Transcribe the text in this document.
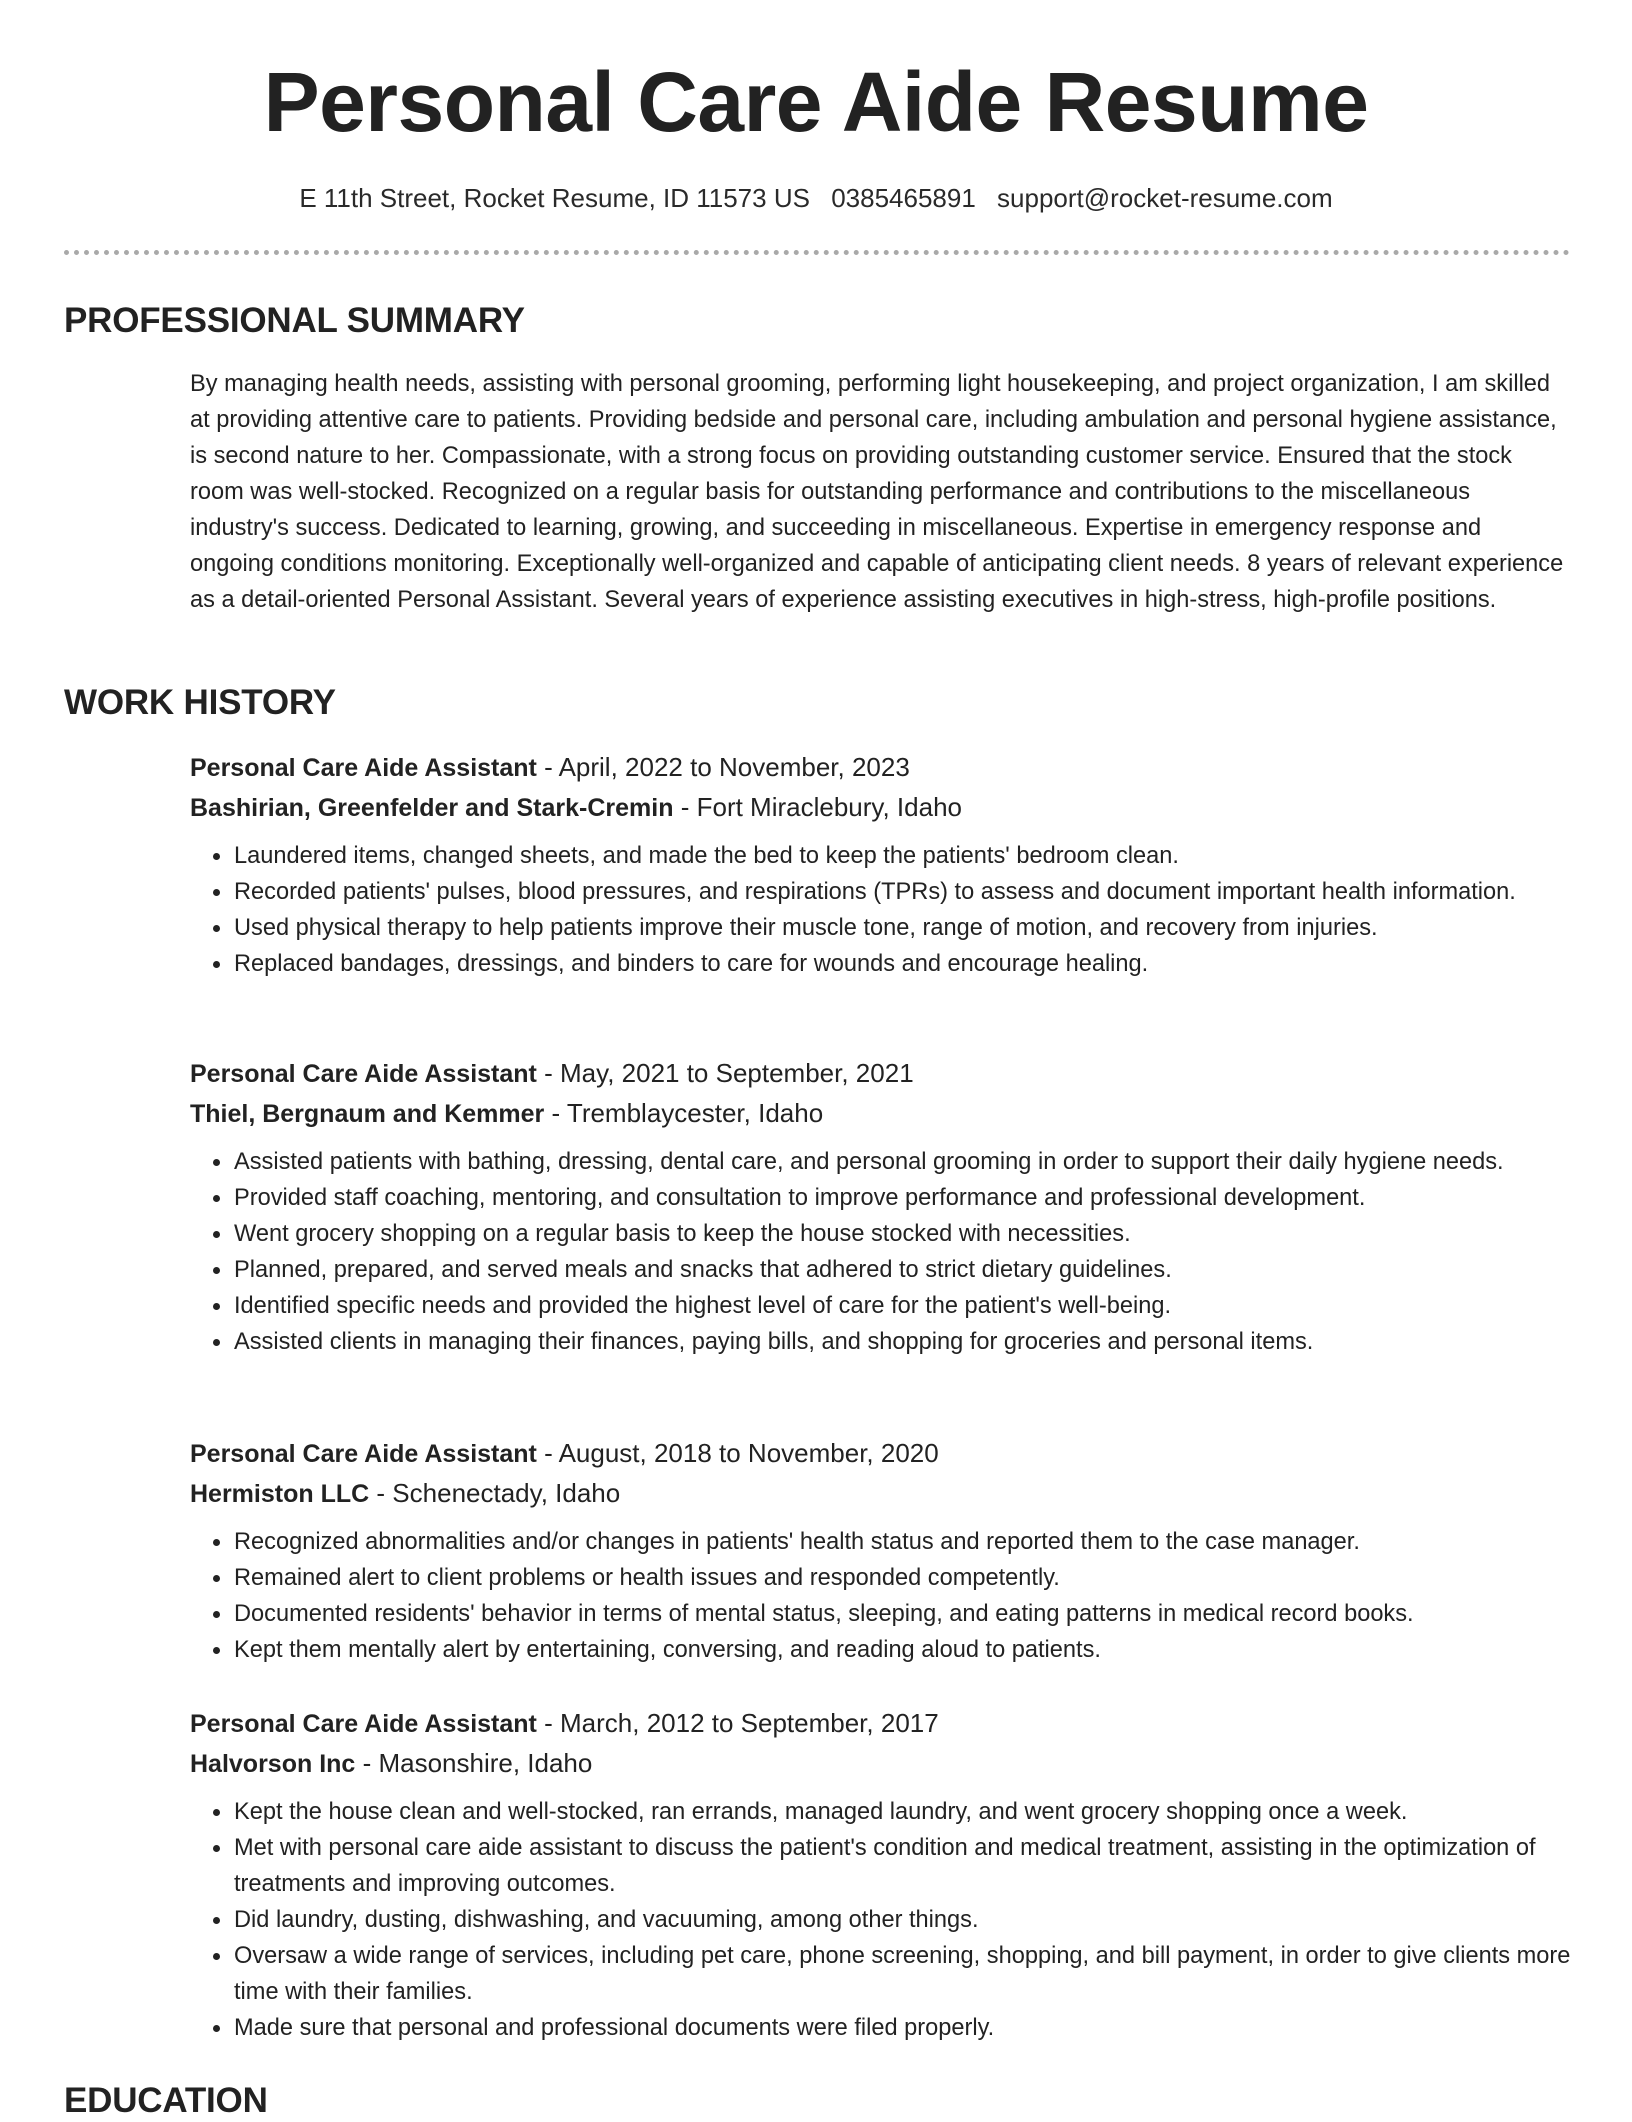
Personal Care Aide Resume
E 11th Street, Rocket Resume, ID 11573 US 0385465891 support@rocket-resume.com
PROFESSIONAL SUMMARY

By managing health needs, assisting with personal grooming, performing light housekeeping, and project organization, I am skilled at providing attentive care to patients. Providing bedside and personal care, including ambulation and personal hygiene assistance, is second nature to her. Compassionate, with a strong focus on providing outstanding customer service. Ensured that the stock room was well-stocked. Recognized on a regular basis for outstanding performance and contributions to the miscellaneous industry's success. Dedicated to learning, growing, and succeeding in miscellaneous. Expertise in emergency response and ongoing conditions monitoring. Exceptionally well-organized and capable of anticipating client needs. 8 years of relevant experience as a detail-oriented Personal Assistant. Several years of experience assisting executives in high-stress, high-profile positions.

WORK HISTORY
Personal Care Aide Assistant - April, 2022 to November, 2023
Bashirian, Greenfelder and Stark-Cremin - Fort Miraclebury, Idaho
• Laundered items, changed sheets, and made the bed to keep the patients' bedroom clean.
• Recorded patients' pulses, blood pressures, and respirations (TPRs) to assess and document important health information.
• Used physical therapy to help patients improve their muscle tone, range of motion, and recovery from injuries.
• Replaced bandages, dressings, and binders to care for wounds and encourage healing.
Personal Care Aide Assistant - May, 2021 to September, 2021
Thiel, Bergnaum and Kemmer - Tremblaycester, Idaho
• Assisted patients with bathing, dressing, dental care, and personal grooming in order to support their daily hygiene needs.
• Provided staff coaching, mentoring, and consultation to improve performance and professional development.
• Went grocery shopping on a regular basis to keep the house stocked with necessities.
• Planned, prepared, and served meals and snacks that adhered to strict dietary guidelines.
• Identified specific needs and provided the highest level of care for the patient's well-being.
• Assisted clients in managing their finances, paying bills, and shopping for groceries and personal items.
Personal Care Aide Assistant - August, 2018 to November, 2020
Hermiston LLC - Schenectady, Idaho
• Recognized abnormalities and/or changes in patients' health status and reported them to the case manager.
• Remained alert to client problems or health issues and responded competently.
• Documented residents' behavior in terms of mental status, sleeping, and eating patterns in medical record books.
• Kept them mentally alert by entertaining, conversing, and reading aloud to patients.
Personal Care Aide Assistant - March, 2012 to September, 2017
Halvorson Inc - Masonshire, Idaho
• Kept the house clean and well-stocked, ran errands, managed laundry, and went grocery shopping once a week.
• Met with personal care aide assistant to discuss the patient's condition and medical treatment, assisting in the optimization of treatments and improving outcomes.
• Did laundry, dusting, dishwashing, and vacuuming, among other things.
• Oversaw a wide range of services, including pet care, phone screening, shopping, and bill payment, in order to give clients more time with their families.
• Made sure that personal and professional documents were filed properly.
EDUCATION
